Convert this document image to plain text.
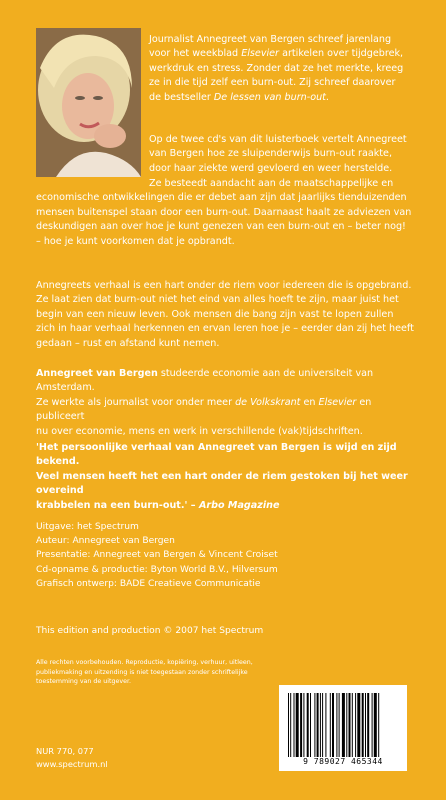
Journalist Annegreet van Bergen schreef jarenlang
voor het weekblad Elsevier artikelen over tijdgebrek,
werkdruk en stress. Zonder dat ze het merkte, kreeg
ze in die tijd zelf een burn-out. Zij schreef daarover
de bestseller De lessen van burn-out.
Op de twee cd's van dit luisterboek vertelt Annegreet
van Bergen hoe ze sluipenderwijs burn-out raakte,
door haar ziekte werd gevloerd en weer herstelde.
Ze besteedt aandacht aan de maatschappelijke en
economische ontwikkelingen die er debet aan zijn dat jaarlijks tienduizenden
mensen buitenspel staan door een burn-out. Daarnaast haalt ze adviezen van
deskundigen aan over hoe je kunt genezen van een burn-out en – beter nog!
– hoe je kunt voorkomen dat je opbrandt.
Annegreets verhaal is een hart onder de riem voor iedereen die is opgebrand.
Ze laat zien dat burn-out niet het eind van alles hoeft te zijn, maar juist het
begin van een nieuw leven. Ook mensen die bang zijn vast te lopen zullen
zich in haar verhaal herkennen en ervan leren hoe je – eerder dan zij het heeft
gedaan – rust en afstand kunt nemen.
Annegreet van Bergen studeerde economie aan de universiteit van Amsterdam.
Ze werkte als journalist voor onder meer de Volkskrant en Elsevier en publiceert
nu over economie, mens en werk in verschillende (vak)tijdschriften.
'Het persoonlijke verhaal van Annegreet van Bergen is wijd en zijd bekend.
Veel mensen heeft het een hart onder de riem gestoken bij het weer overeind
krabbelen na een burn-out.' – Arbo Magazine
Uitgave: het Spectrum
Auteur: Annegreet van Bergen
Presentatie: Annegreet van Bergen & Vincent Croiset
Cd-opname & productie: Byton World B.V., Hilversum
Grafisch ontwerp: BADE Creatieve Communicatie
This edition and production © 2007 het Spectrum
Alle rechten voorbehouden. Reproductie, kopiëring, verhuur, uitleen,
publiekmaking en uitzending is niet toegestaan zonder schriftelijke
toestemming van de uitgever.
NUR 770, 077
www.spectrum.nl	9 789027 465344
